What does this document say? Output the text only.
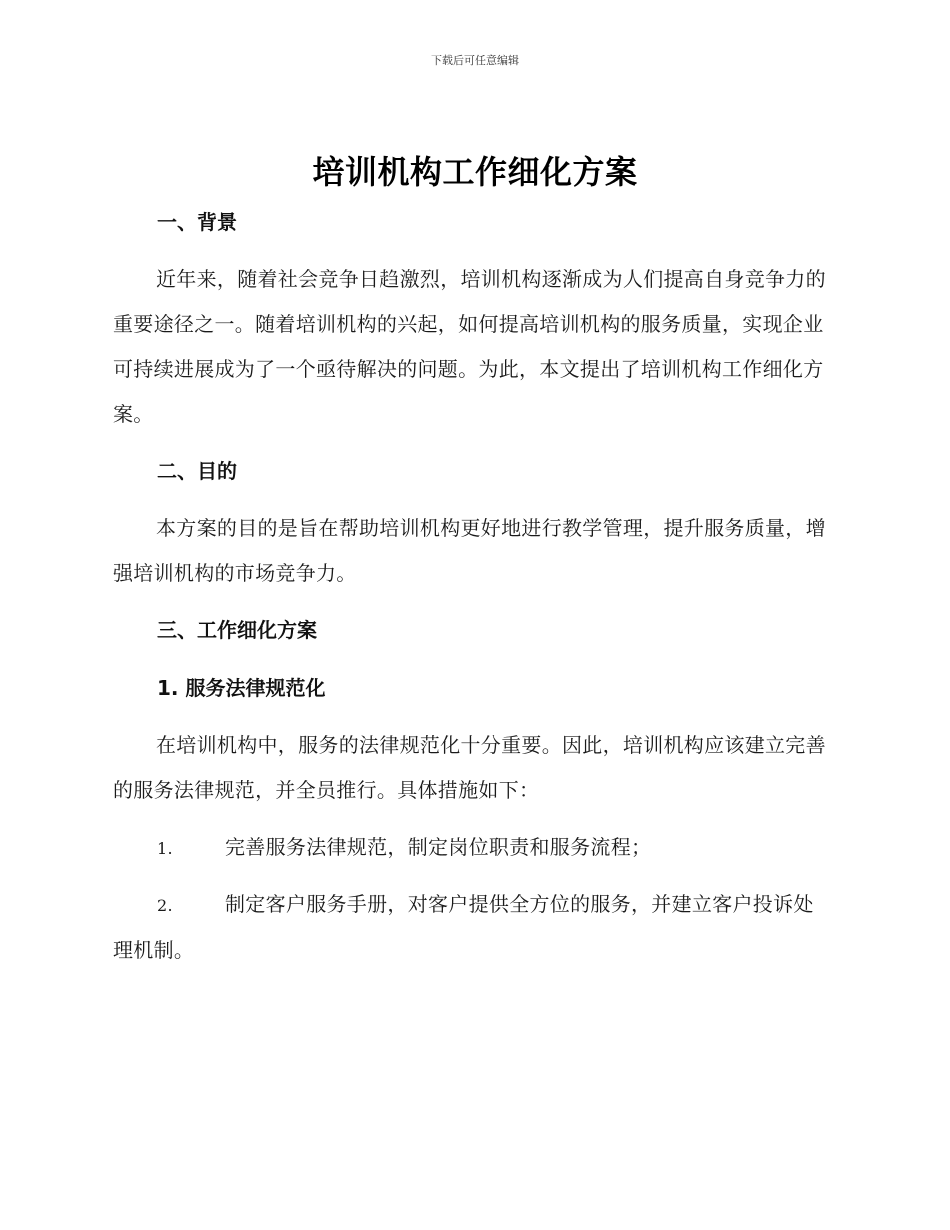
下载后可任意编辑
培训机构工作细化方案
一、背景
近年来，随着社会竞争日趋激烈，培训机构逐渐成为人们提高自身竞争力的重要途径之一。随着培训机构的兴起，如何提高培训机构的服务质量，实现企业可持续进展成为了一个亟待解决的问题。为此，本文提出了培训机构工作细化方案。
二、目的
本方案的目的是旨在帮助培训机构更好地进行教学管理，提升服务质量，增强培训机构的市场竞争力。
三、工作细化方案
1. 服务法律规范化
在培训机构中，服务的法律规范化十分重要。因此，培训机构应该建立完善的服务法律规范，并全员推行。具体措施如下：
1.	完善服务法律规范，制定岗位职责和服务流程；
2.	制定客户服务手册，对客户提供全方位的服务，并建立客户投诉处理机制。
